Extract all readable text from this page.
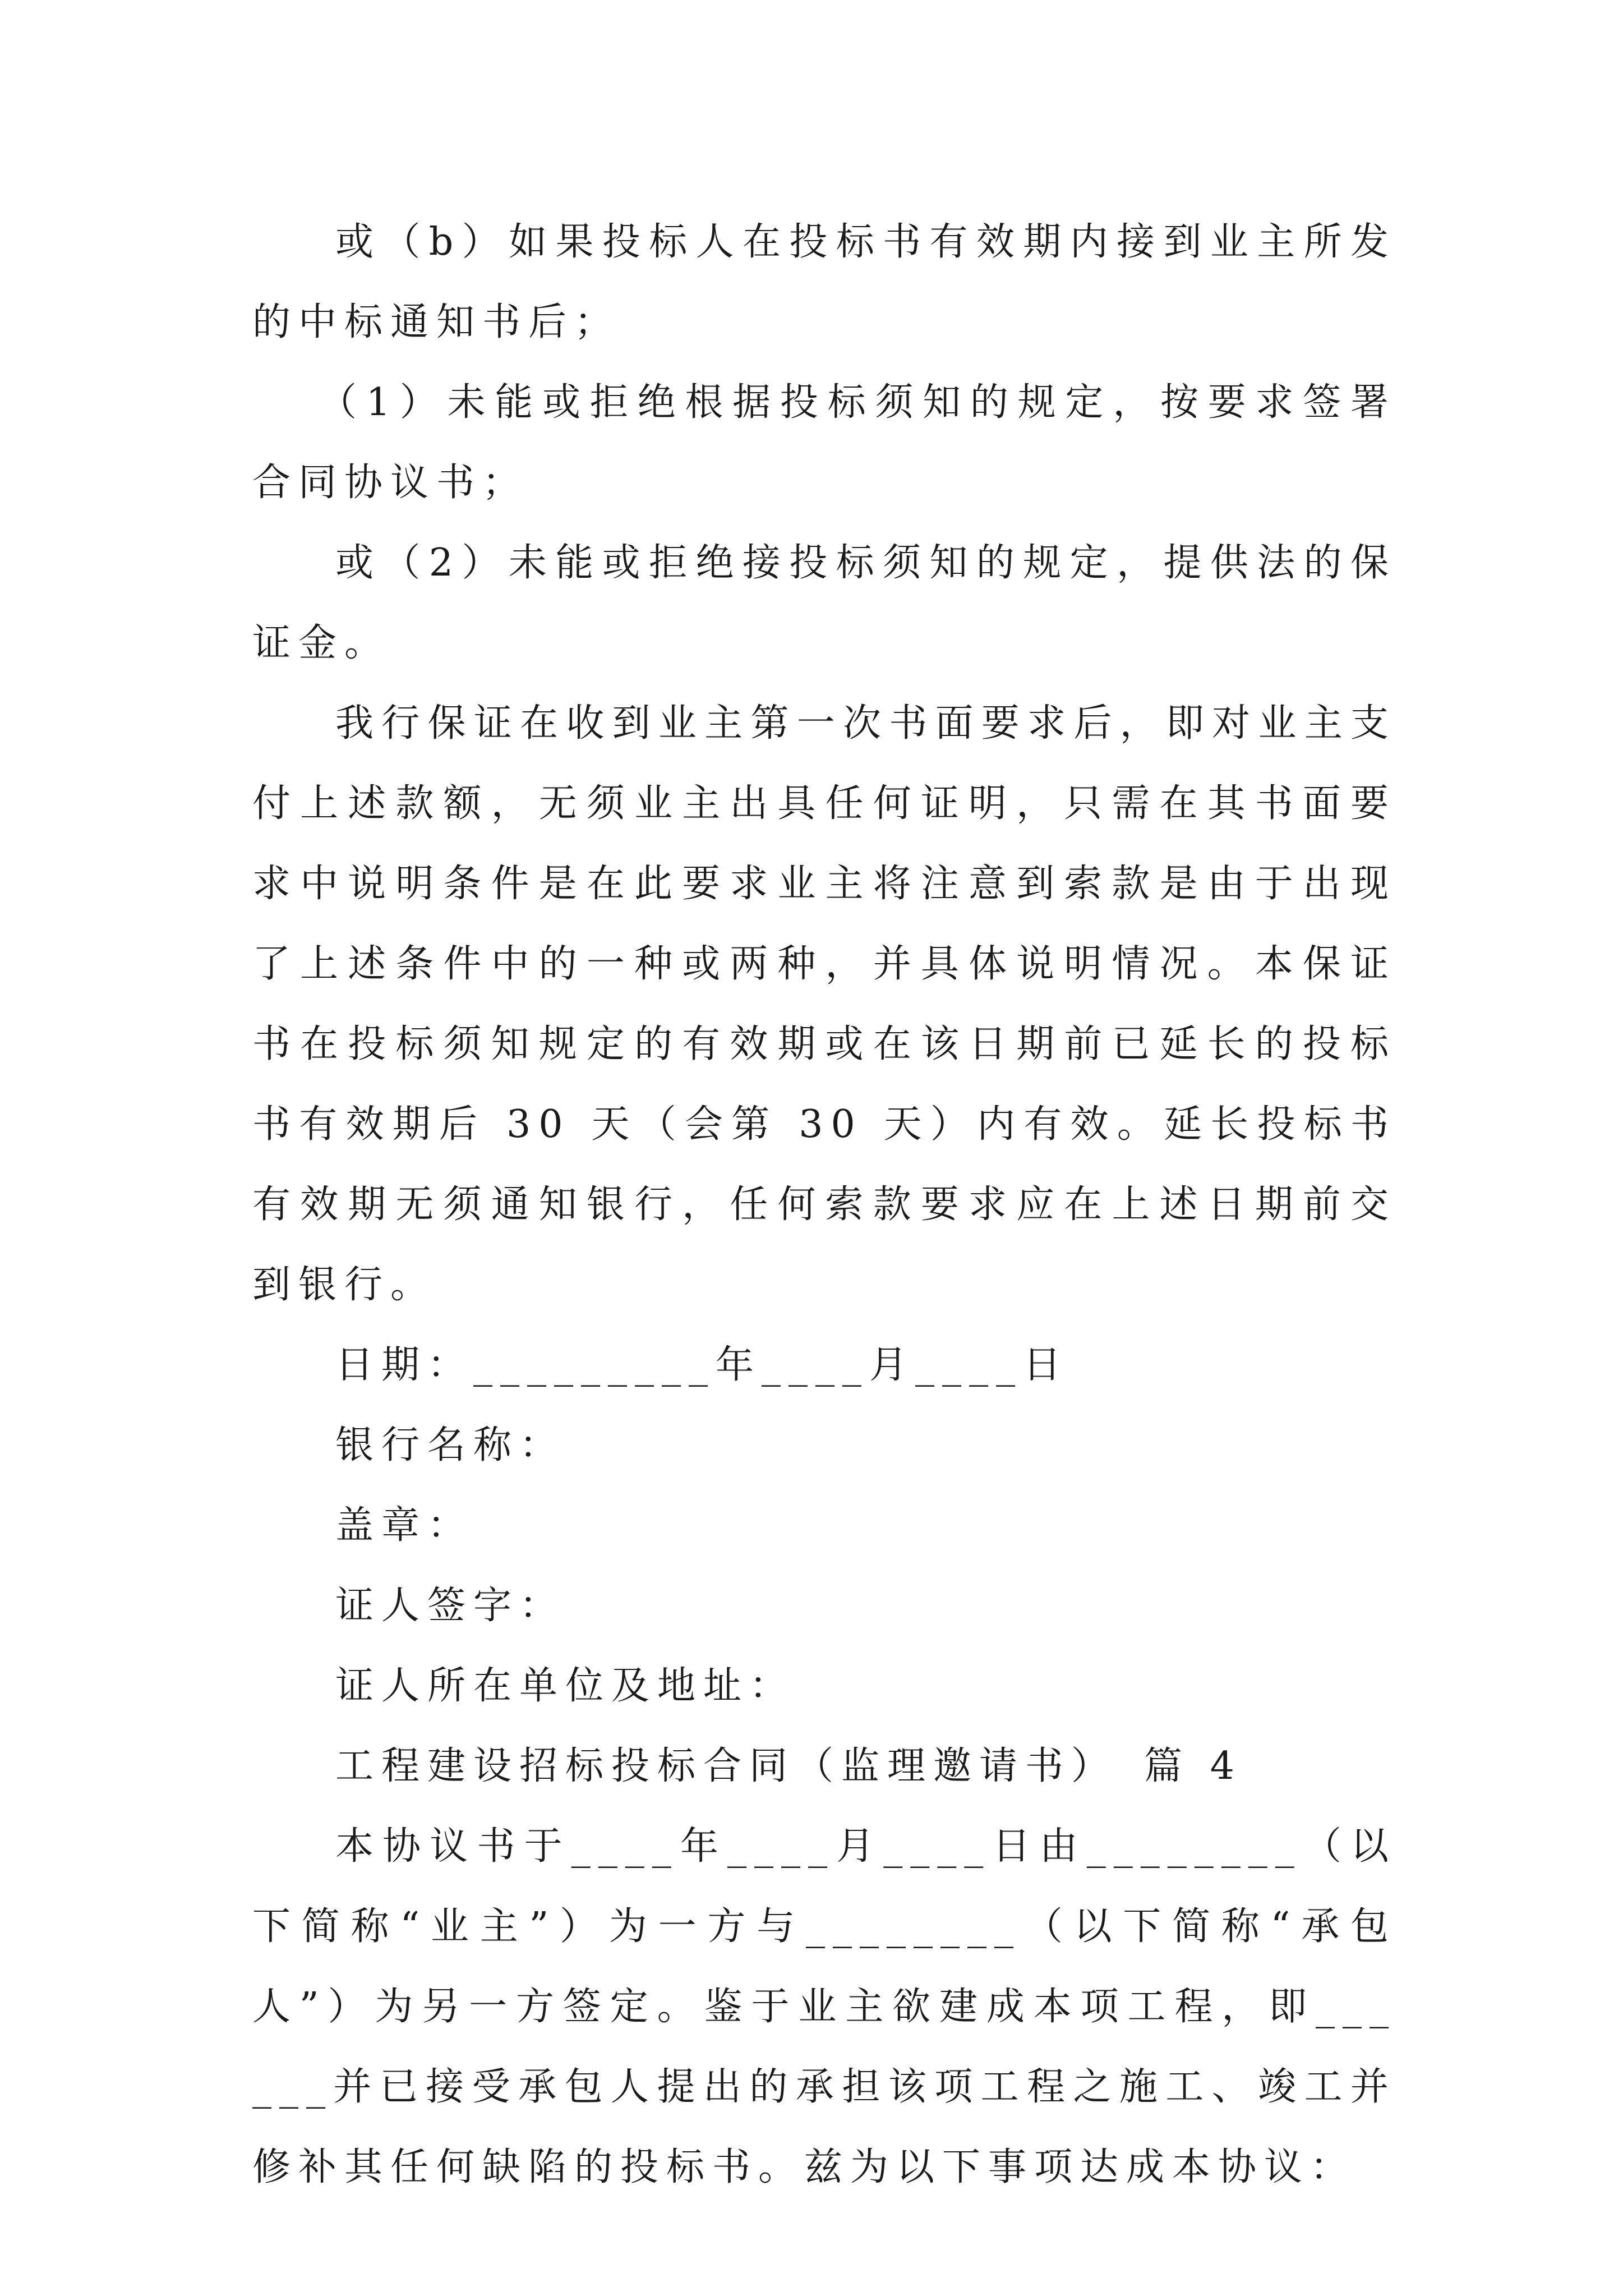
或（b）如果投标人在投标书有效期内接到业主所发的中标通知书后；

（1）未能或拒绝根据投标须知的规定，按要求签署合同协议书；

或（2）未能或拒绝接投标须知的规定，提供法的保证金。

我行保证在收到业主第一次书面要求后，即对业主支付上述款额，无须业主出具任何证明，只需在其书面要求中说明条件是在此要求业主将注意到索款是由于出现了上述条件中的一种或两种，并具体说明情况。本保证书在投标须知规定的有效期或在该日期前已延长的投标书有效期后 30 天（会第 30 天）内有效。延长投标书有效期无须通知银行，任何索款要求应在上述日期前交到银行。

日期：_________年____月____日

银行名称：

盖章：

证人签字：

证人所在单位及地址：

工程建设招标投标合同（监理邀请书）　篇 4

本协议书于____年____月____日由________（以下简称“业主”）为一方与________（以下简称“承包人”）为另一方签定。鉴于业主欲建成本项工程，即______并已接受承包人提出的承担该项工程之施工、竣工并修补其任何缺陷的投标书。兹为以下事项达成本协议：
